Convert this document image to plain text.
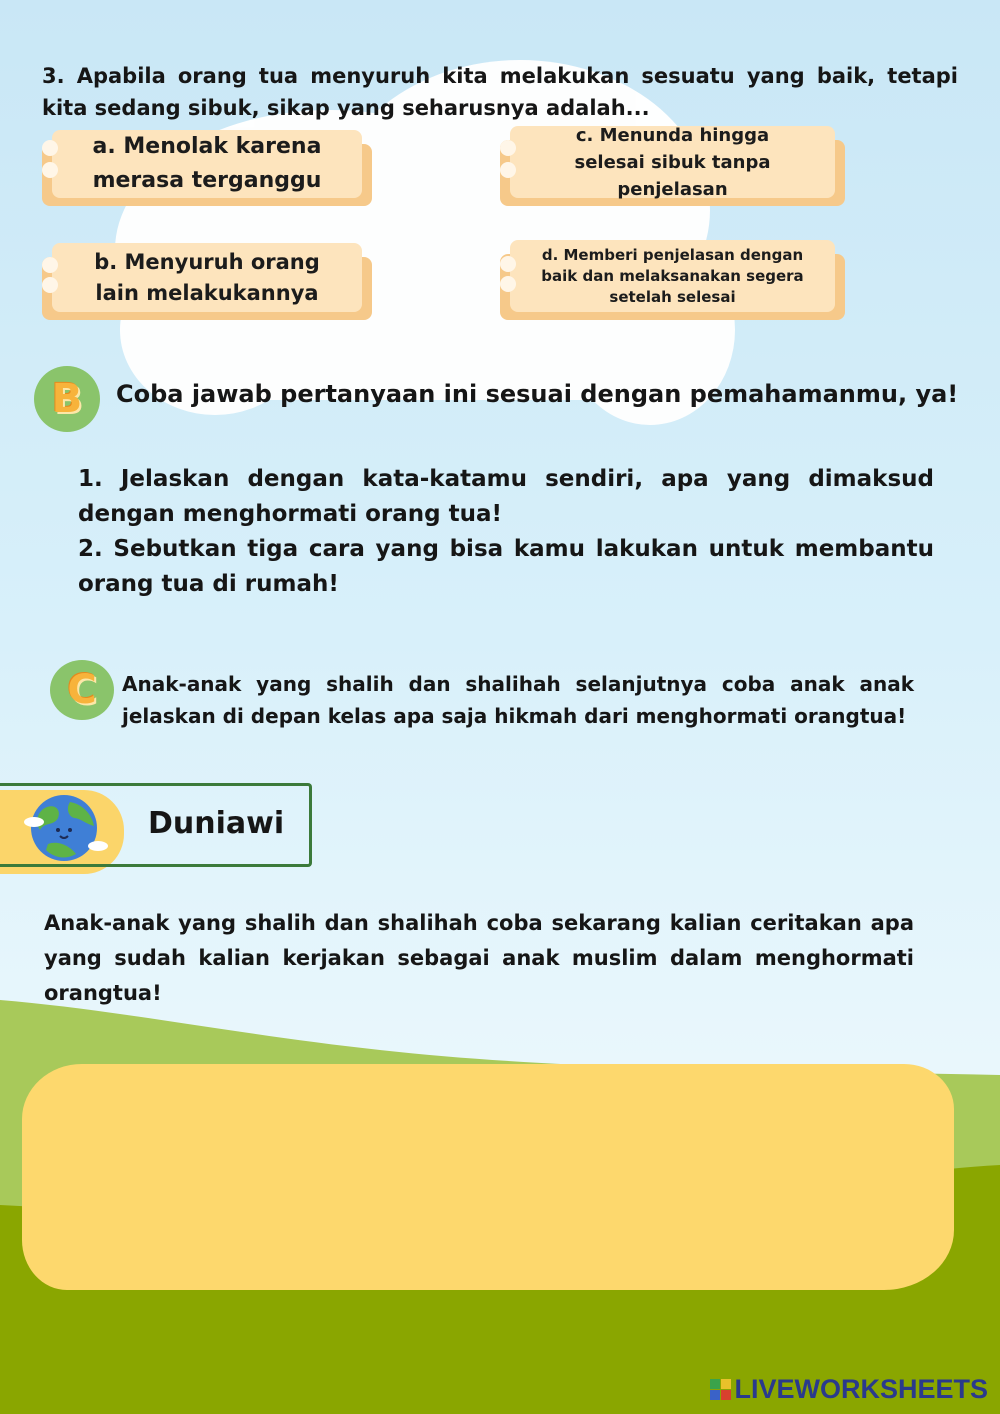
3. Apabila orang tua menyuruh kita melakukan sesuatu yang baik, tetapi kita sedang sibuk, sikap yang seharusnya adalah...
a. Menolak karena merasa terganggu
c. Menunda hingga selesai sibuk tanpa penjelasan
b. Menyuruh orang lain melakukannya
d. Memberi penjelasan dengan baik dan melaksanakan segera setelah selesai
B	Coba jawab pertanyaan ini sesuai dengan pemahamanmu, ya!

1. Jelaskan dengan kata-katamu sendiri, apa yang dimaksud dengan menghormati orang tua!

2. Sebutkan tiga cara yang bisa kamu lakukan untuk membantu orang tua di rumah!

C	Anak-anak yang shalih dan shalihah selanjutnya coba anak anak jelaskan di depan kelas apa saja hikmah dari menghormati orangtua!
Duniawi
Anak-anak yang shalih dan shalihah coba sekarang kalian ceritakan apa yang sudah kalian kerjakan sebagai anak muslim dalam menghormati orangtua!
LIVEWORKSHEETS
